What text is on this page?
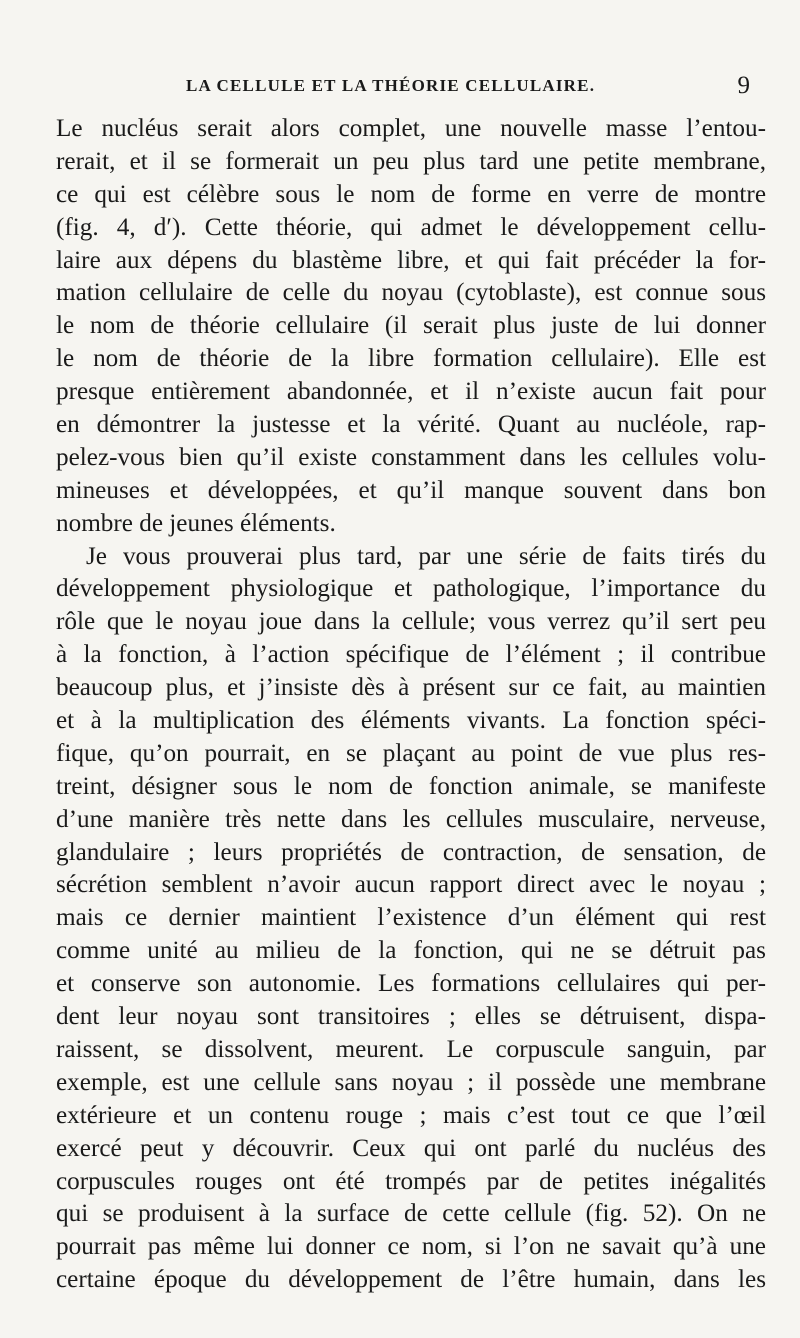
LA CELLULE ET LA THÉORIE CELLULAIRE.	9
Le nucléus serait alors complet, une nouvelle masse l’entou-
rerait, et il se formerait un peu plus tard une petite membrane,
ce qui est célèbre sous le nom de forme en verre de montre
(fig. 4, d′). Cette théorie, qui admet le développement cellu-
laire aux dépens du blastème libre, et qui fait précéder la for-
mation cellulaire de celle du noyau (cytoblaste), est connue sous
le nom de théorie cellulaire (il serait plus juste de lui donner
le nom de théorie de la libre formation cellulaire). Elle est
presque entièrement abandonnée, et il n’existe aucun fait pour
en démontrer la justesse et la vérité. Quant au nucléole, rap-
pelez-vous bien qu’il existe constamment dans les cellules volu-
mineuses et développées, et qu’il manque souvent dans bon
nombre de jeunes éléments.
Je vous prouverai plus tard, par une série de faits tirés du
développement physiologique et pathologique, l’importance du
rôle que le noyau joue dans la cellule; vous verrez qu’il sert peu
à la fonction, à l’action spécifique de l’élément ; il contribue
beaucoup plus, et j’insiste dès à présent sur ce fait, au maintien
et à la multiplication des éléments vivants. La fonction spéci-
fique, qu’on pourrait, en se plaçant au point de vue plus res-
treint, désigner sous le nom de fonction animale, se manifeste
d’une manière très nette dans les cellules musculaire, nerveuse,
glandulaire ; leurs propriétés de contraction, de sensation, de
sécrétion semblent n’avoir aucun rapport direct avec le noyau ;
mais ce dernier maintient l’existence d’un élément qui rest
comme unité au milieu de la fonction, qui ne se détruit pas
et conserve son autonomie. Les formations cellulaires qui per-
dent leur noyau sont transitoires ; elles se détruisent, dispa-
raissent, se dissolvent, meurent. Le corpuscule sanguin, par
exemple, est une cellule sans noyau ; il possède une membrane
extérieure et un contenu rouge ; mais c’est tout ce que l’œil
exercé peut y découvrir. Ceux qui ont parlé du nucléus des
corpuscules rouges ont été trompés par de petites inégalités
qui se produisent à la surface de cette cellule (fig. 52). On ne
pourrait pas même lui donner ce nom, si l’on ne savait qu’à une
certaine époque du développement de l’être humain, dans les
